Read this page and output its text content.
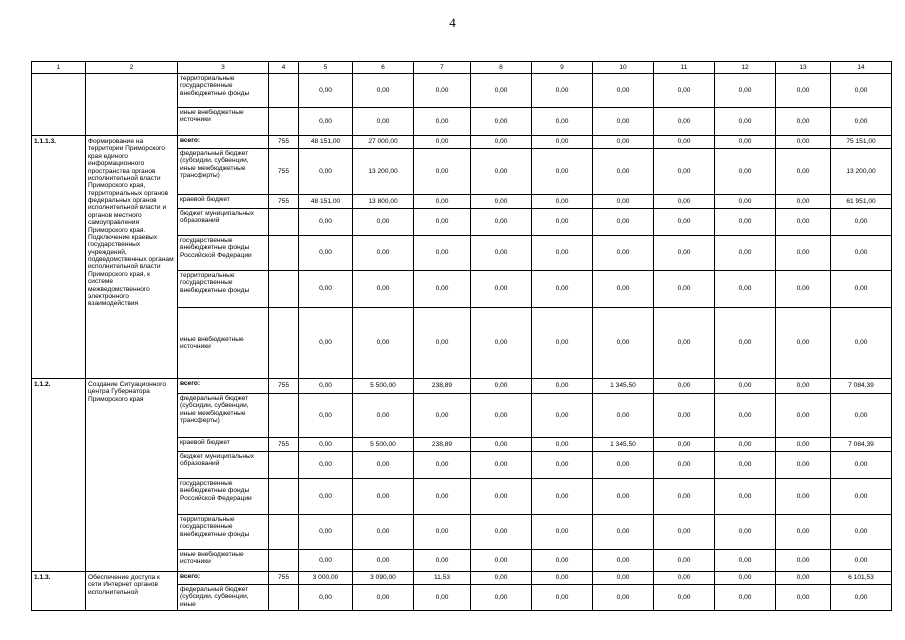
4
1	2	3	4	5	6	7	8	9	10	11	12	13	14
		территориальные государственные внебюджетные фонды		0,00	0,00	0,00	0,00	0,00	0,00	0,00	0,00	0,00	0,00
		иные внебюджетные источники		0,00	0,00	0,00	0,00	0,00	0,00	0,00	0,00	0,00	0,00
1.1.1.3.	Формирование на территории Приморского края единого информационного пространства органов исполнительной власти Приморского края, территориальных органов федеральных органов исполнительной власти и органов местного самоуправления Приморского края. Подключение краевых государственных учреждений, подведомственных органам исполнительной власти Приморского края, к системе межведомственного электронного взаимодействия	всего:	755	48 151,00	27 000,00	0,00	0,00	0,00	0,00	0,00	0,00	0,00	75 151,00
		федеральный бюджет (субсидии, субвенции, иные межбюджетные трансферты)	755	0,00	13 200,00	0,00	0,00	0,00	0,00	0,00	0,00	0,00	13 200,00
		краевой бюджет	755	48 151,00	13 800,00	0,00	0,00	0,00	0,00	0,00	0,00	0,00	61 951,00
		бюджет муниципальных образований		0,00	0,00	0,00	0,00	0,00	0,00	0,00	0,00	0,00	0,00
		государственные внебюджетные фонды Российской Федерации		0,00	0,00	0,00	0,00	0,00	0,00	0,00	0,00	0,00	0,00
		территориальные государственные внебюджетные фонды		0,00	0,00	0,00	0,00	0,00	0,00	0,00	0,00	0,00	0,00
		иные внебюджетные источники		0,00	0,00	0,00	0,00	0,00	0,00	0,00	0,00	0,00	0,00
1.1.2.	Создание Ситуационного центра Губернатора Приморского края	всего:	755	0,00	5 500,00	238,89	0,00	0,00	1 345,50	0,00	0,00	0,00	7 084,39
		федеральный бюджет (субсидии, субвенции, иные межбюджетные трансферты)		0,00	0,00	0,00	0,00	0,00	0,00	0,00	0,00	0,00	0,00
		краевой бюджет	755	0,00	5 500,00	238,89	0,00	0,00	1 345,50	0,00	0,00	0,00	7 084,39
		бюджет муниципальных образований		0,00	0,00	0,00	0,00	0,00	0,00	0,00	0,00	0,00	0,00
		государственные внебюджетные фонды Российской Федерации		0,00	0,00	0,00	0,00	0,00	0,00	0,00	0,00	0,00	0,00
		территориальные государственные внебюджетные фонды		0,00	0,00	0,00	0,00	0,00	0,00	0,00	0,00	0,00	0,00
		иные внебюджетные источники		0,00	0,00	0,00	0,00	0,00	0,00	0,00	0,00	0,00	0,00
1.1.3.	Обеспечение доступа к сети Интернет органов исполнительной	всего:	755	3 000,00	3 090,00	11,53	0,00	0,00	0,00	0,00	0,00	0,00	6 101,53
		федеральный бюджет (субсидии, субвенции, иные		0,00	0,00	0,00	0,00	0,00	0,00	0,00	0,00	0,00	0,00
